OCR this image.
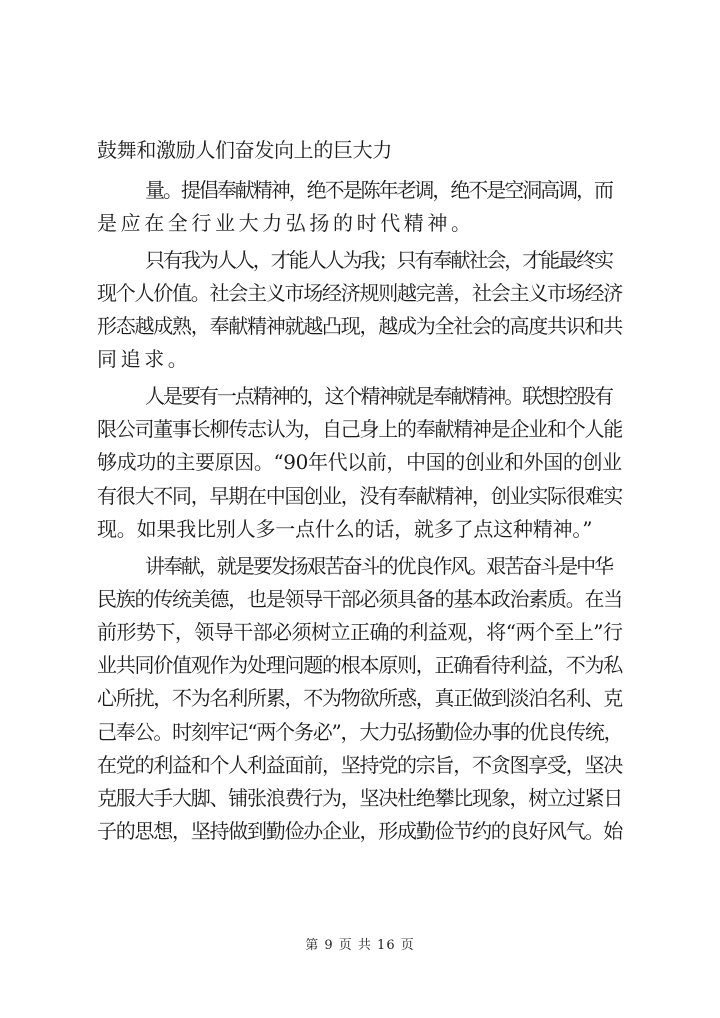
鼓舞和激励人们奋发向上的巨大力
量。提倡奉献精神，绝不是陈年老调，绝不是空洞高调，而
是应在全行业大力弘扬的时代精神。
只有我为人人，才能人人为我；只有奉献社会，才能最终实
现个人价值。社会主义市场经济规则越完善，社会主义市场经济
形态越成熟，奉献精神就越凸现，越成为全社会的高度共识和共
同追求。
人是要有一点精神的，这个精神就是奉献精神。联想控股有
限公司董事长柳传志认为，自己身上的奉献精神是企业和个人能
够成功的主要原因。“90年代以前，中国的创业和外国的创业
有很大不同，早期在中国创业，没有奉献精神，创业实际很难实
现。如果我比别人多一点什么的话，就多了点这种精神。”
讲奉献，就是要发扬艰苦奋斗的优良作风。艰苦奋斗是中华
民族的传统美德，也是领导干部必须具备的基本政治素质。在当
前形势下，领导干部必须树立正确的利益观，将“两个至上”行
业共同价值观作为处理问题的根本原则，正确看待利益，不为私
心所扰，不为名利所累，不为物欲所惑，真正做到淡泊名利、克
己奉公。时刻牢记“两个务必”，大力弘扬勤俭办事的优良传统，
在党的利益和个人利益面前，坚持党的宗旨，不贪图享受，坚决
克服大手大脚、铺张浪费行为，坚决杜绝攀比现象，树立过紧日
子的思想，坚持做到勤俭办企业，形成勤俭节约的良好风气。始
第 9 页 共 16 页
